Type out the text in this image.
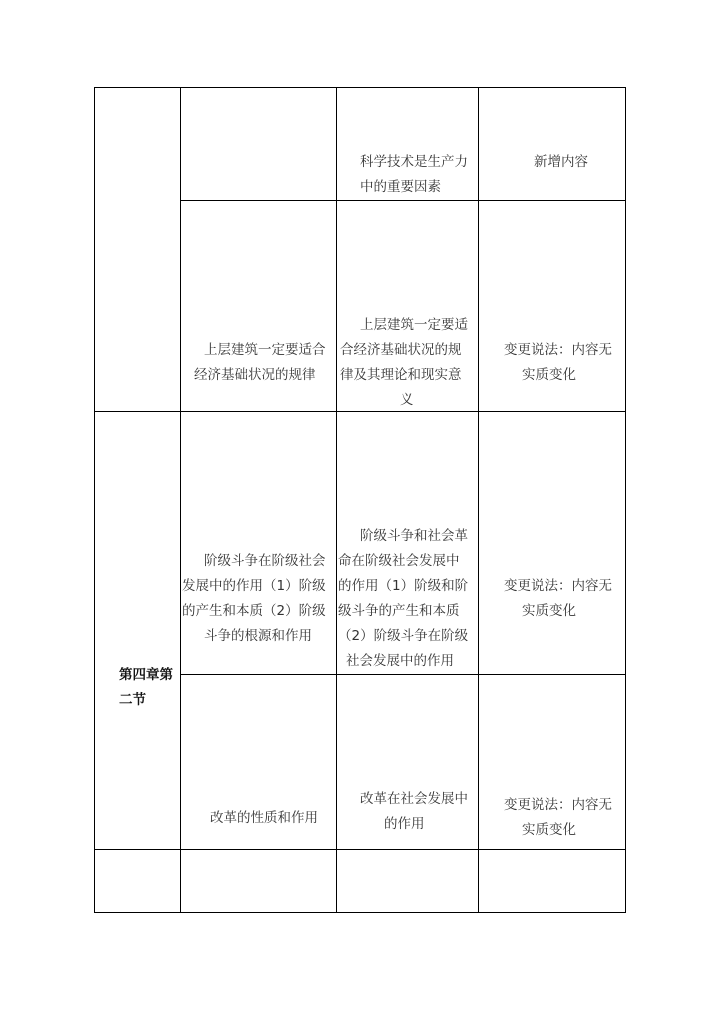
科学技术是生产力
中的重要因素
新增内容
上层建筑一定要适合
经济基础状况的规律
上层建筑一定要适
合经济基础状况的规
律及其理论和现实意
义
变更说法：内容无
实质变化
第四章第
二节
阶级斗争在阶级社会
发展中的作用（1）阶级
的产生和本质（2）阶级
斗争的根源和作用
阶级斗争和社会革
命在阶级社会发展中
的作用（1）阶级和阶
级斗争的产生和本质
（2）阶级斗争在阶级
社会发展中的作用
变更说法：内容无
实质变化
改革的性质和作用
改革在社会发展中
的作用
变更说法：内容无
实质变化
